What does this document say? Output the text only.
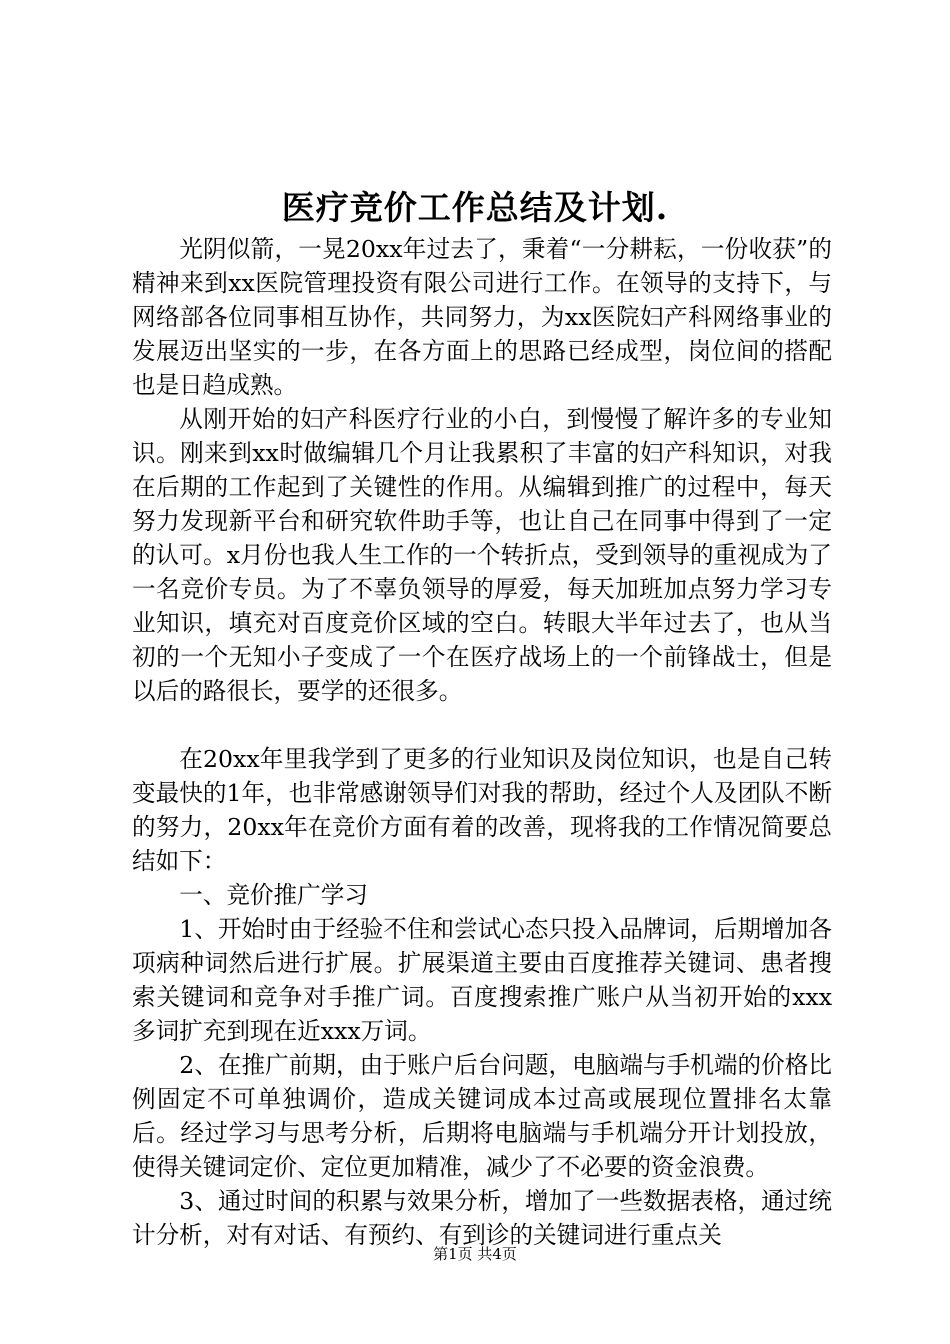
医疗竞价工作总结及计划.

光阴似箭，一晃20xx年过去了，秉着“一分耕耘，一份收获”的精神来到xx医院管理投资有限公司进行工作。在领导的支持下，与网络部各位同事相互协作，共同努力，为xx医院妇产科网络事业的发展迈出坚实的一步，在各方面上的思路已经成型，岗位间的搭配也是日趋成熟。

从刚开始的妇产科医疗行业的小白，到慢慢了解许多的专业知识。刚来到xx时做编辑几个月让我累积了丰富的妇产科知识，对我在后期的工作起到了关键性的作用。从编辑到推广的过程中，每天努力发现新平台和研究软件助手等，也让自己在同事中得到了一定的认可。x月份也我人生工作的一个转折点，受到领导的重视成为了一名竞价专员。为了不辜负领导的厚爱，每天加班加点努力学习专业知识，填充对百度竞价区域的空白。转眼大半年过去了，也从当初的一个无知小子变成了一个在医疗战场上的一个前锋战士，但是以后的路很长，要学的还很多。

在20xx年里我学到了更多的行业知识及岗位知识，也是自己转变最快的1年，也非常感谢领导们对我的帮助，经过个人及团队不断的努力，20xx年在竞价方面有着的改善，现将我的工作情况简要总结如下：

一、竞价推广学习

1、开始时由于经验不住和尝试心态只投入品牌词，后期增加各项病种词然后进行扩展。扩展渠道主要由百度推荐关键词、患者搜索关键词和竞争对手推广词。百度搜索推广账户从当初开始的xxx多词扩充到现在近xxx万词。

2、在推广前期，由于账户后台问题，电脑端与手机端的价格比例固定不可单独调价，造成关键词成本过高或展现位置排名太靠后。经过学习与思考分析，后期将电脑端与手机端分开计划投放，使得关键词定价、定位更加精准，减少了不必要的资金浪费。

3、通过时间的积累与效果分析，增加了一些数据表格，通过统计分析，对有对话、有预约、有到诊的关键词进行重点关

第1页 共4页
